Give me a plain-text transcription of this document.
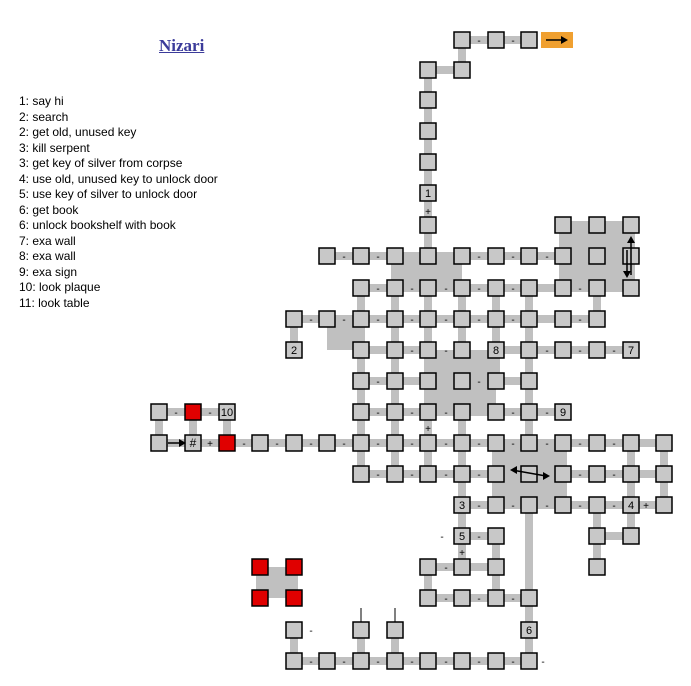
Nizari
1: say hi
2: search
2: get old, unused key
3: kill serpent
3: get key of silver from corpse
4: use old, unused key to unlock door
5: use key of silver to unlock door
6: get book
6: unlock bookshelf with book
7: exa wall
8: exa wall
9: exa sign
10: look plaque
11: look table
1
2
3	4
5
6
7
8
9
10
-	-
-	-	-	-	-
-	-	-	-	-	-
-	-	-	-	-	-	-	-
-	-	-	-	-
-	-
-	-	-	-	-
-	-
-	-	-	-	-	-	-	-	-	-	-	-
-	-	-	-	-	-
-	-	-	-	-
-
-
-
-	-	-
-
-	-	-	-	-	-	-	-
+
+
+
+
+
#
